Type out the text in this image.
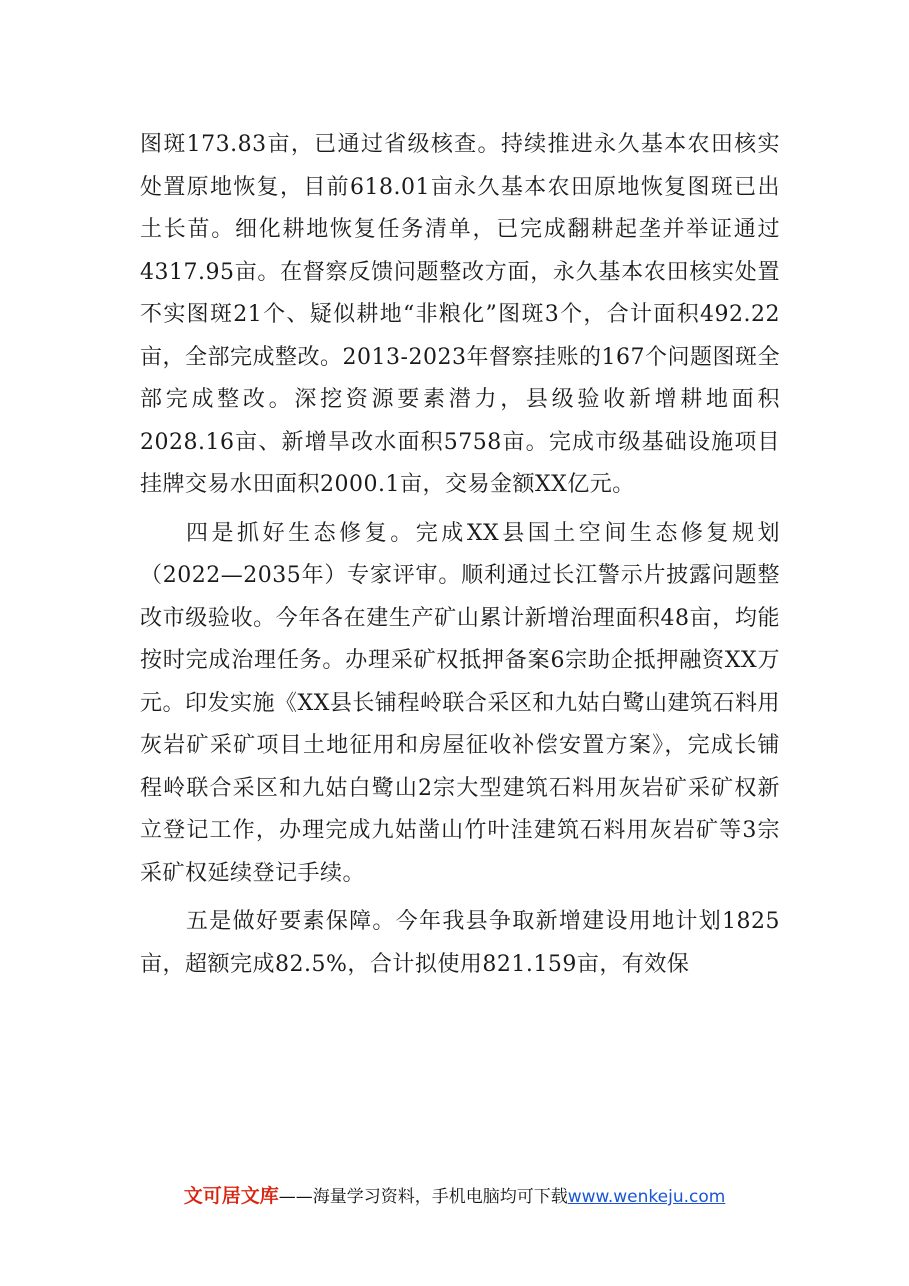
图斑173.83亩，已通过省级核查。持续推进永久基本农田核实处置原地恢复，目前618.01亩永久基本农田原地恢复图斑已出土长苗。细化耕地恢复任务清单，已完成翻耕起垄并举证通过4317.95亩。在督察反馈问题整改方面，永久基本农田核实处置不实图斑21个、疑似耕地“非粮化”图斑3个，合计面积492.22亩，全部完成整改。2013-2023年督察挂账的167个问题图斑全部完成整改。深挖资源要素潜力，县级验收新增耕地面积2028.16亩、新增旱改水面积5758亩。完成市级基础设施项目挂牌交易水田面积2000.1亩，交易金额XX亿元。

四是抓好生态修复。完成XX县国土空间生态修复规划（2022—2035年）专家评审。顺利通过长江警示片披露问题整改市级验收。今年各在建生产矿山累计新增治理面积48亩，均能按时完成治理任务。办理采矿权抵押备案6宗助企抵押融资XX万元。印发实施《XX县长铺程岭联合采区和九姑白鹭山建筑石料用灰岩矿采矿项目土地征用和房屋征收补偿安置方案》，完成长铺程岭联合采区和九姑白鹭山2宗大型建筑石料用灰岩矿采矿权新立登记工作，办理完成九姑凿山竹叶洼建筑石料用灰岩矿等3宗采矿权延续登记手续。

五是做好要素保障。今年我县争取新增建设用地计划1825亩，超额完成82.5%，合计拟使用821.159亩，有效保

文可居文库——海量学习资料，手机电脑均可下载www.wenkeju.com
